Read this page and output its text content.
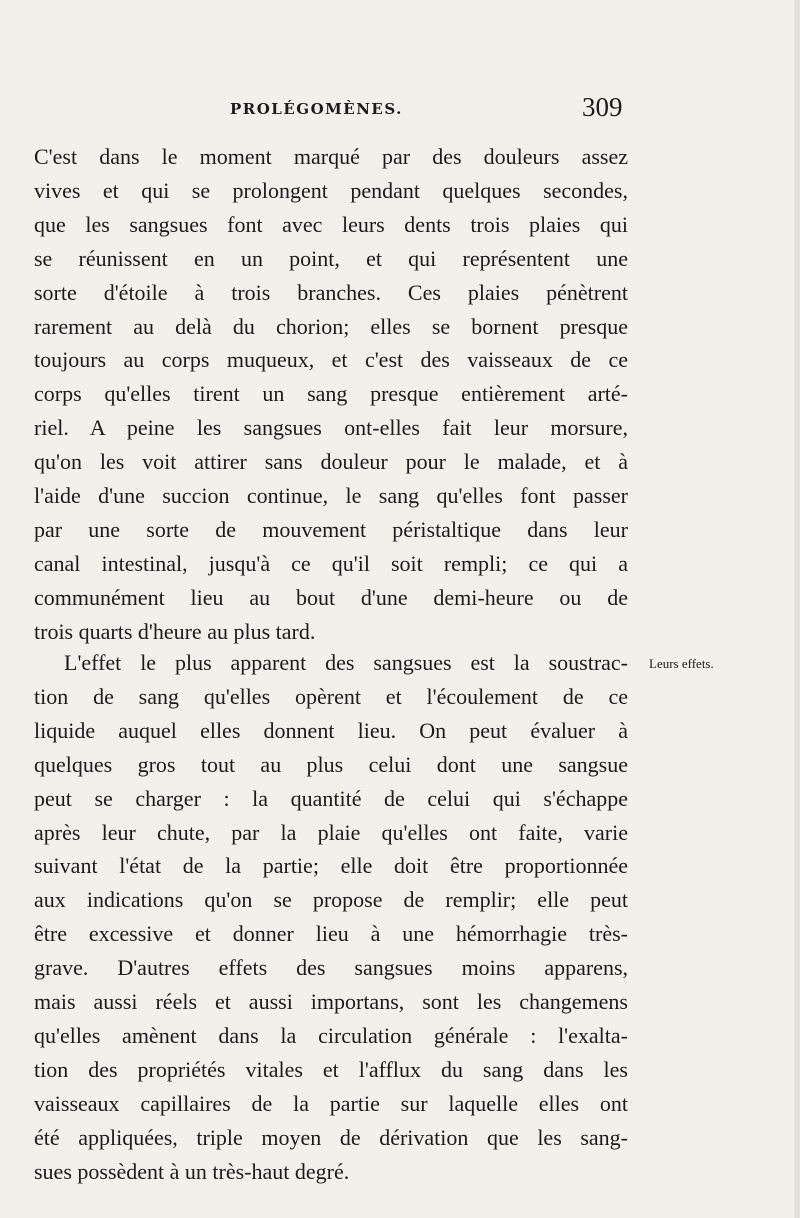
PROLÉGOMÈNES.	309
C'est dans le moment marqué par des douleurs assez
vives et qui se prolongent pendant quelques secondes,
que les sangsues font avec leurs dents trois plaies qui
se réunissent en un point, et qui représentent une
sorte d'étoile à trois branches. Ces plaies pénètrent
rarement au delà du chorion; elles se bornent presque
toujours au corps muqueux, et c'est des vaisseaux de ce
corps qu'elles tirent un sang presque entièrement arté-
riel. A peine les sangsues ont-elles fait leur morsure,
qu'on les voit attirer sans douleur pour le malade, et à
l'aide d'une succion continue, le sang qu'elles font passer
par une sorte de mouvement péristaltique dans leur
canal intestinal, jusqu'à ce qu'il soit rempli; ce qui a
communément lieu au bout d'une demi-heure ou de
trois quarts d'heure au plus tard.
L'effet le plus apparent des sangsues est la soustrac-
tion de sang qu'elles opèrent et l'écoulement de ce
liquide auquel elles donnent lieu. On peut évaluer à
quelques gros tout au plus celui dont une sangsue
peut se charger : la quantité de celui qui s'échappe
après leur chute, par la plaie qu'elles ont faite, varie
suivant l'état de la partie; elle doit être proportionnée
aux indications qu'on se propose de remplir; elle peut
être excessive et donner lieu à une hémorrhagie très-
grave. D'autres effets des sangsues moins apparens,
mais aussi réels et aussi importans, sont les changemens
qu'elles amènent dans la circulation générale : l'exalta-
tion des propriétés vitales et l'afflux du sang dans les
vaisseaux capillaires de la partie sur laquelle elles ont
été appliquées, triple moyen de dérivation que les sang-
sues possèdent à un très-haut degré.
Leurs effets.
